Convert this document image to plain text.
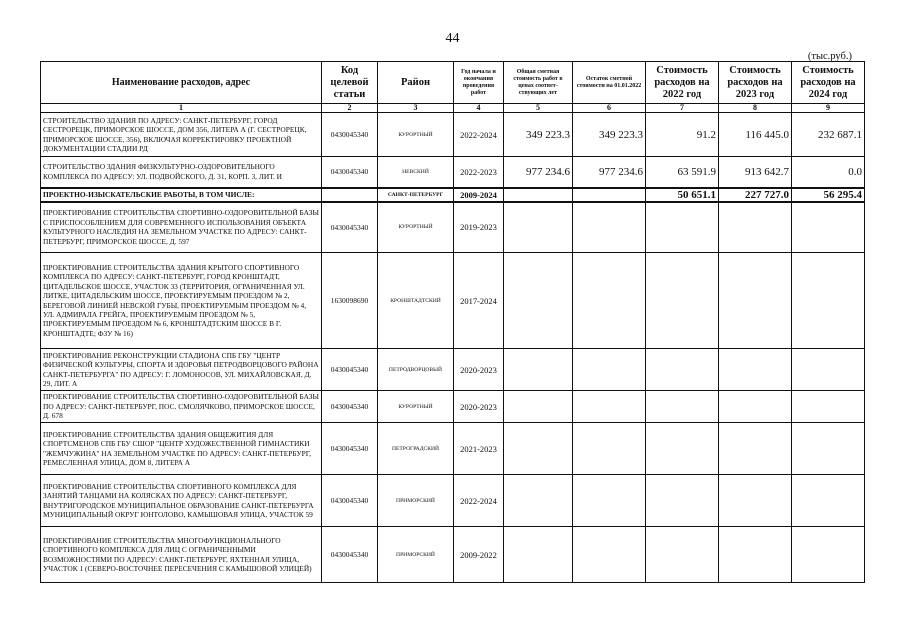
44
(тыс.руб.)
Наименование расходов, адрес	Код целевой статьи	Район	Год начала и окончания проведения работ	Общая сметная стоимость работ в ценах соответ-ствующих лет	Остаток сметной стоимости на 01.01.2022	Стоимость расходов на 2022 год	Стоимость расходов на 2023 год	Стоимость расходов на 2024 год
1	2	3	4	5	6	7	8	9
СТРОИТЕЛЬСТВО ЗДАНИЯ ПО АДРЕСУ: САНКТ-ПЕТЕРБУРГ, ГОРОД СЕСТРОРЕЦК, ПРИМОРСКОЕ ШОССЕ, ДОМ 356, ЛИТЕРА А (Г. СЕСТРОРЕЦК, ПРИМОРСКОЕ ШОССЕ, 356), ВКЛЮЧАЯ КОРРЕКТИРОВКУ ПРОЕКТНОЙ ДОКУМЕНТАЦИИ СТАДИИ РД	0430045340	КУРОРТНЫЙ	2022-2024	349 223.3	349 223.3	91.2	116 445.0	232 687.1
СТРОИТЕЛЬСТВО ЗДАНИЯ ФИЗКУЛЬТУРНО-ОЗДОРОВИТЕЛЬНОГО КОМПЛЕКСА ПО АДРЕСУ: УЛ. ПОДВОЙСКОГО, Д. 31, КОРП. 3, ЛИТ. И	0430045340	НЕВСКИЙ	2022-2023	977 234.6	977 234.6	63 591.9	913 642.7	0.0
ПРОЕКТНО-ИЗЫСКАТЕЛЬСКИЕ РАБОТЫ, В ТОМ ЧИСЛЕ:		САНКТ-ПЕТЕРБУРГ	2009-2024			50 651.1	227 727.0	56 295.4
ПРОЕКТИРОВАНИЕ СТРОИТЕЛЬСТВА СПОРТИВНО-ОЗДОРОВИТЕЛЬНОЙ БАЗЫ С ПРИСПОСОБЛЕНИЕМ ДЛЯ СОВРЕМЕННОГО ИСПОЛЬЗОВАНИЯ ОБЪЕКТА КУЛЬТУРНОГО НАСЛЕДИЯ НА ЗЕМЕЛЬНОМ УЧАСТКЕ ПО АДРЕСУ: САНКТ-ПЕТЕРБУРГ, ПРИМОРСКОЕ ШОССЕ, Д. 597	0430045340	КУРОРТНЫЙ	2019-2023					
ПРОЕКТИРОВАНИЕ СТРОИТЕЛЬСТВА ЗДАНИЯ КРЫТОГО СПОРТИВНОГО КОМПЛЕКСА ПО АДРЕСУ: САНКТ-ПЕТЕРБУРГ, ГОРОД КРОНШТАДТ, ЦИТАДЕЛЬСКОЕ ШОССЕ, УЧАСТОК 33 (ТЕРРИТОРИЯ, ОГРАНИЧЕННАЯ УЛ. ЛИТКЕ, ЦИТАДЕЛЬСКИМ ШОССЕ, ПРОЕКТИРУЕМЫМ ПРОЕЗДОМ № 2, БЕРЕГОВОЙ ЛИНИЕЙ НЕВСКОЙ ГУБЫ, ПРОЕКТИРУЕМЫМ ПРОЕЗДОМ № 4, УЛ. АДМИРАЛА ГРЕЙГА, ПРОЕКТИРУЕМЫМ ПРОЕЗДОМ № 5, ПРОЕКТИРУЕМЫМ ПРОЕЗДОМ № 6, КРОНШТАДТСКИМ ШОССЕ В Г. КРОНШТАДТЕ; ФЗУ № 16)	1630098690	КРОНШТАДТСКИЙ	2017-2024					
ПРОЕКТИРОВАНИЕ РЕКОНСТРУКЦИИ СТАДИОНА СПБ ГБУ "ЦЕНТР ФИЗИЧЕСКОЙ КУЛЬТУРЫ, СПОРТА И ЗДОРОВЬЯ ПЕТРОДВОРЦОВОГО РАЙОНА САНКТ-ПЕТЕРБУРГА" ПО АДРЕСУ: Г. ЛОМОНОСОВ, УЛ. МИХАЙЛОВСКАЯ, Д. 29, ЛИТ. А	0430045340	ПЕТРОДВОРЦОВЫЙ	2020-2023					
ПРОЕКТИРОВАНИЕ СТРОИТЕЛЬСТВА СПОРТИВНО-ОЗДОРОВИТЕЛЬНОЙ БАЗЫ ПО АДРЕСУ: САНКТ-ПЕТЕРБУРГ, ПОС. СМОЛЯЧКОВО, ПРИМОРСКОЕ ШОССЕ, Д. 678	0430045340	КУРОРТНЫЙ	2020-2023					
ПРОЕКТИРОВАНИЕ СТРОИТЕЛЬСТВА ЗДАНИЯ ОБЩЕЖИТИЯ ДЛЯ СПОРТСМЕНОВ СПБ ГБУ СШОР "ЦЕНТР ХУДОЖЕСТВЕННОЙ ГИМНАСТИКИ "ЖЕМЧУЖИНА" НА ЗЕМЕЛЬНОМ УЧАСТКЕ ПО АДРЕСУ: САНКТ-ПЕТЕРБУРГ, РЕМЕСЛЕННАЯ УЛИЦА, ДОМ 8, ЛИТЕРА А	0430045340	ПЕТРОГРАДСКИЙ	2021-2023					
ПРОЕКТИРОВАНИЕ СТРОИТЕЛЬСТВА СПОРТИВНОГО КОМПЛЕКСА ДЛЯ ЗАНЯТИЙ ТАНЦАМИ НА КОЛЯСКАХ ПО АДРЕСУ: САНКТ-ПЕТЕРБУРГ, ВНУТРИГОРОДСКОЕ МУНИЦИПАЛЬНОЕ ОБРАЗОВАНИЕ САНКТ-ПЕТЕРБУРГА МУНИЦИПАЛЬНЫЙ ОКРУГ ЮНТОЛОВО, КАМЫШОВАЯ УЛИЦА, УЧАСТОК 59	0430045340	ПРИМОРСКИЙ	2022-2024					
ПРОЕКТИРОВАНИЕ СТРОИТЕЛЬСТВА МНОГОФУНКЦИОНАЛЬНОГО СПОРТИВНОГО КОМПЛЕКСА ДЛЯ ЛИЦ С ОГРАНИЧЕННЫМИ ВОЗМОЖНОСТЯМИ ПО АДРЕСУ: САНКТ-ПЕТЕРБУРГ, ЯХТЕННАЯ УЛИЦА, УЧАСТОК 1 (СЕВЕРО-ВОСТОЧНЕЕ ПЕРЕСЕЧЕНИЯ С КАМЫШОВОЙ УЛИЦЕЙ)	0430045340	ПРИМОРСКИЙ	2009-2022					
